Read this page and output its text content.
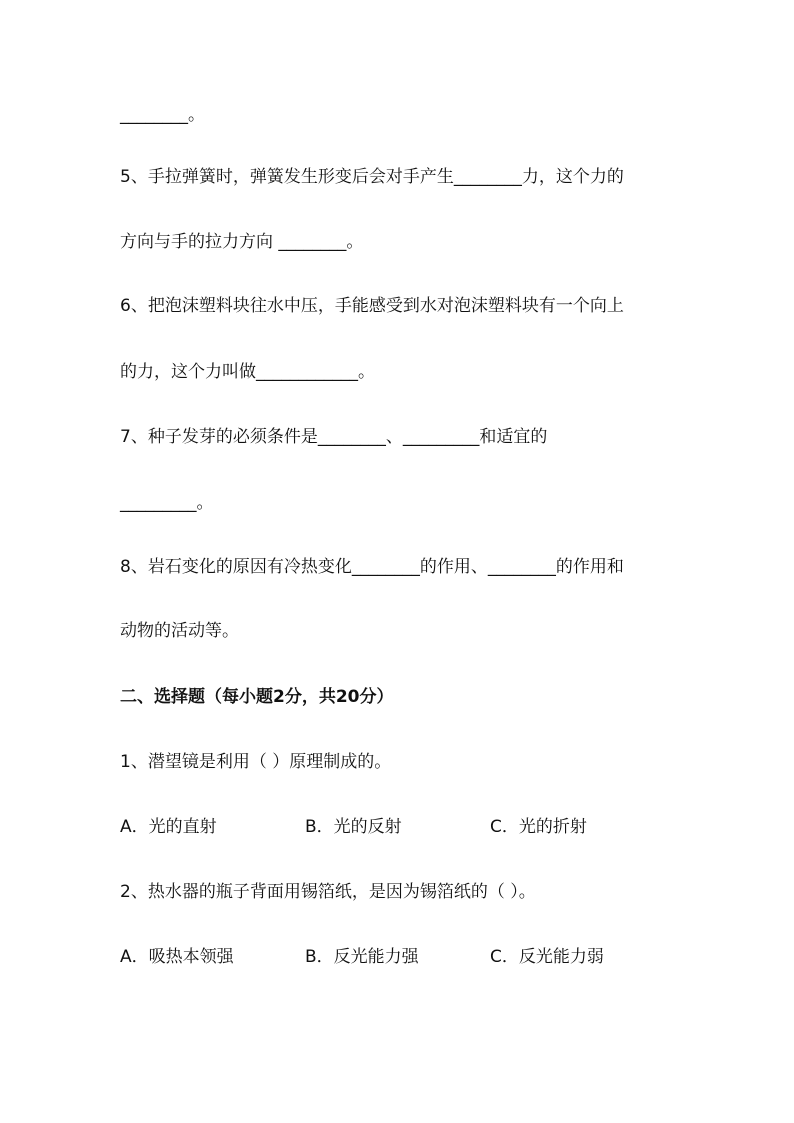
________。
5、手拉弹簧时，弹簧发生形变后会对手产生________力，这个力的
方向与手的拉力方向 ________。
6、把泡沫塑料块往水中压，手能感受到水对泡沫塑料块有一个向上
的力，这个力叫做____________。
7、种子发芽的必须条件是________、_________和适宜的
_________。
8、岩石变化的原因有冷热变化________的作用、________的作用和
动物的活动等。
二、选择题（每小题2分，共20分）
1、潜望镜是利用（ ）原理制成的。
A．光的直射	B．光的反射	C．光的折射
2、热水器的瓶子背面用锡箔纸，是因为锡箔纸的（ ）。
A．吸热本领强	B．反光能力强	C．反光能力弱
